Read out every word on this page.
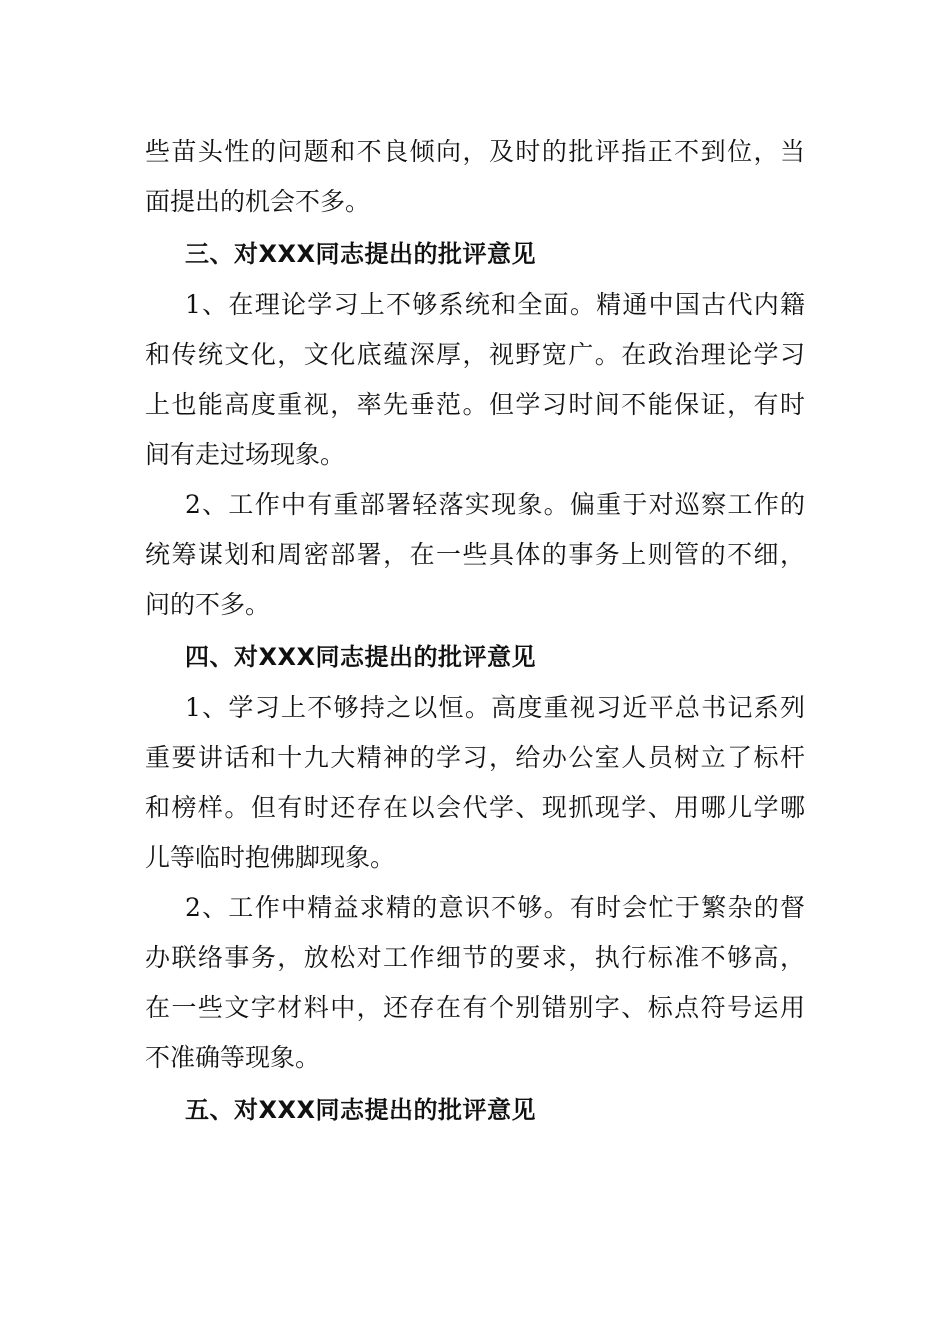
些苗头性的问题和不良倾向，及时的批评指正不到位，当
面提出的机会不多。
三、对XXX同志提出的批评意见
1、在理论学习上不够系统和全面。精通中国古代内籍
和传统文化，文化底蕴深厚，视野宽广。在政治理论学习
上也能高度重视，率先垂范。但学习时间不能保证，有时
间有走过场现象。
2、工作中有重部署轻落实现象。偏重于对巡察工作的
统筹谋划和周密部署，在一些具体的事务上则管的不细，
问的不多。
四、对XXX同志提出的批评意见
1、学习上不够持之以恒。高度重视习近平总书记系列
重要讲话和十九大精神的学习，给办公室人员树立了标杆
和榜样。但有时还存在以会代学、现抓现学、用哪儿学哪
儿等临时抱佛脚现象。
2、工作中精益求精的意识不够。有时会忙于繁杂的督
办联络事务，放松对工作细节的要求，执行标准不够高，
在一些文字材料中，还存在有个别错别字、标点符号运用
不准确等现象。
五、对XXX同志提出的批评意见
